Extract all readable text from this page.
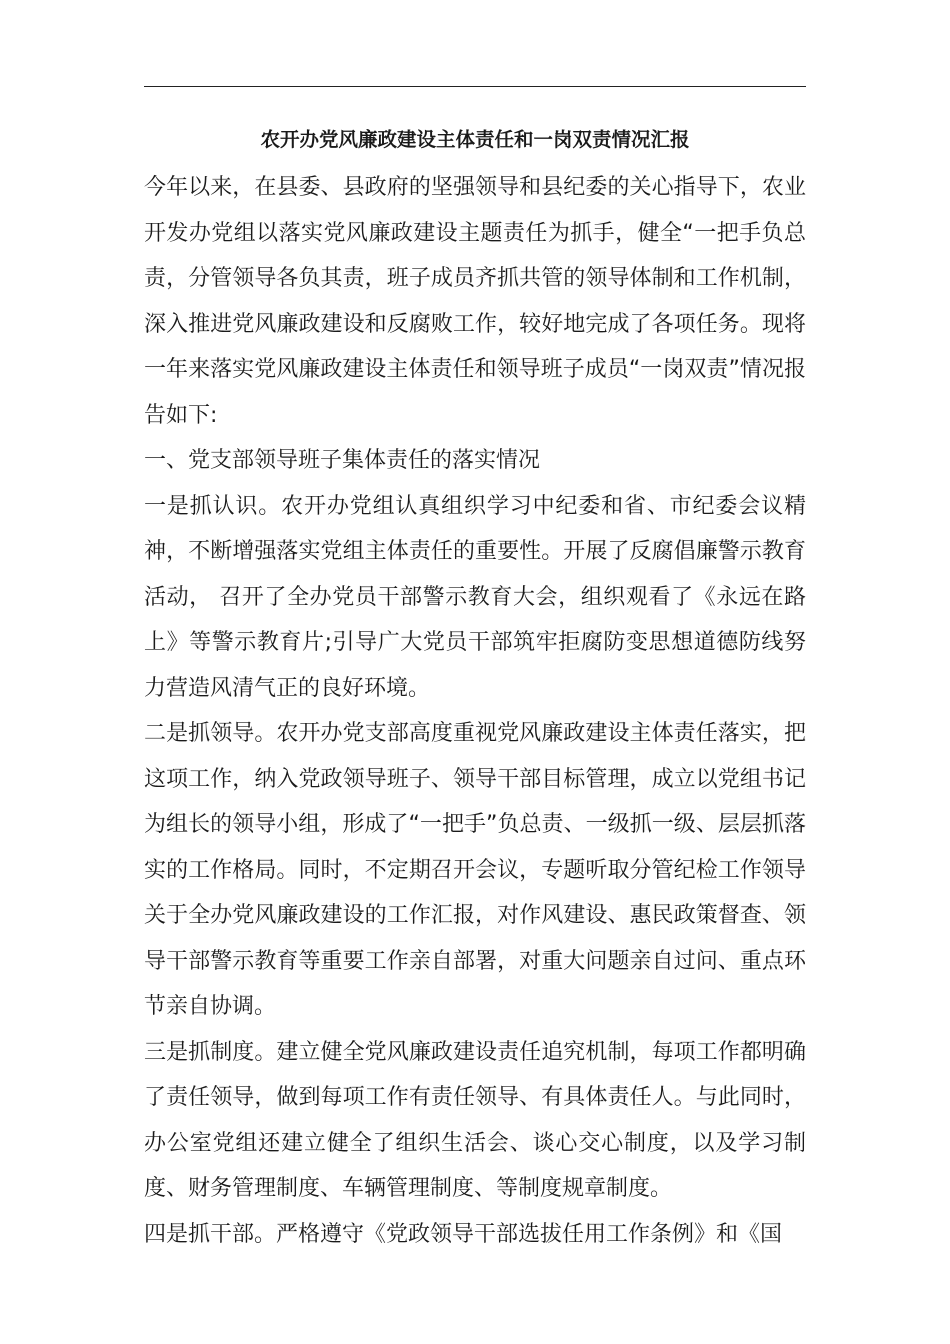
农开办党风廉政建设主体责任和一岗双责情况汇报

今年以来，在县委、县政府的坚强领导和县纪委的关心指导下，农业开发办党组以落实党风廉政建设主题责任为抓手，健全“一把手负总责，分管领导各负其责，班子成员齐抓共管的领导体制和工作机制，深入推进党风廉政建设和反腐败工作，较好地完成了各项任务。现将一年来落实党风廉政建设主体责任和领导班子成员“一岗双责”情况报告如下:

一、党支部领导班子集体责任的落实情况

一是抓认识。农开办党组认真组织学习中纪委和省、市纪委会议精神，不断增强落实党组主体责任的重要性。开展了反腐倡廉警示教育活动， 召开了全办党员干部警示教育大会，组织观看了《永远在路上》等警示教育片;引导广大党员干部筑牢拒腐防变思想道德防线努力营造风清气正的良好环境。

二是抓领导。农开办党支部高度重视党风廉政建设主体责任落实，把这项工作，纳入党政领导班子、领导干部目标管理，成立以党组书记为组长的领导小组，形成了“一把手”负总责、一级抓一级、层层抓落实的工作格局。同时，不定期召开会议，专题听取分管纪检工作领导关于全办党风廉政建设的工作汇报，对作风建设、惠民政策督查、领导干部警示教育等重要工作亲自部署，对重大问题亲自过问、重点环节亲自协调。

三是抓制度。建立健全党风廉政建设责任追究机制，每项工作都明确了责任领导，做到每项工作有责任领导、有具体责任人。与此同时，办公室党组还建立健全了组织生活会、谈心交心制度，以及学习制度、财务管理制度、车辆管理制度、等制度规章制度。

四是抓干部。严格遵守《党政领导干部选拔任用工作条例》和《国
